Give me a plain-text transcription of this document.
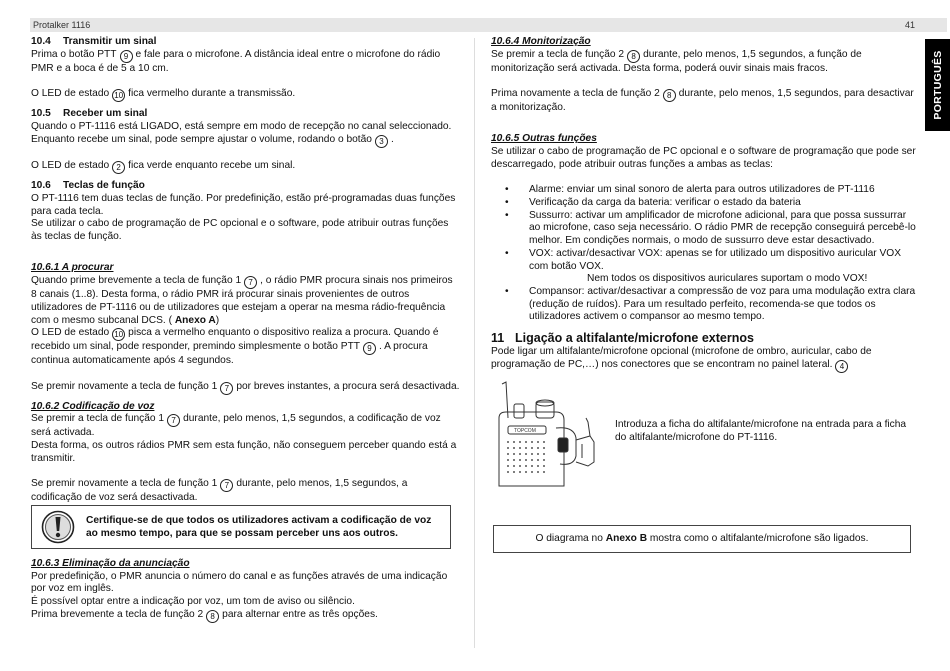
Protalker 1116	41
PORTUGUÊS

10.4 Transmitir um sinal

Prima o botão PTT 9 e fale para o microfone. A distância ideal entre o microfone do rádio PMR e a boca é de 5 a 10 cm.

O LED de estado 10 fica vermelho durante a transmissão.

10.5 Receber um sinal

Quando o PT-1116 está LIGADO, está sempre em modo de recepção no canal seleccionado. Enquanto recebe um sinal, pode sempre ajustar o volume, rodando o botão 3 .

O LED de estado 2 fica verde enquanto recebe um sinal.

10.6 Teclas de função

O PT-1116 tem duas teclas de função. Por predefinição, estão pré-programadas duas funções para cada tecla.

Se utilizar o cabo de programação de PC opcional e o software, pode atribuir outras funções às teclas de função.

10.6.1 A procurar

Quando prime brevemente a tecla de função 1 7 , o rádio PMR procura sinais nos primeiros 8 canais (1..8). Desta forma, o rádio PMR irá procurar sinais provenientes de outros utilizadores de PT-1116 ou de utilizadores que estejam a operar na mesma rádio-frequência com o mesmo subcanal DCS. ( Anexo A)

O LED de estado 10 pisca a vermelho enquanto o dispositivo realiza a procura. Quando é recebido um sinal, pode responder, premindo simplesmente o botão PTT 9 . A procura continua automaticamente após 4 segundos.

Se premir novamente a tecla de função 1 7 por breves instantes, a procura será desactivada.

10.6.2 Codificação de voz

Se premir a tecla de função 1 7 durante, pelo menos, 1,5 segundos, a codificação de voz será activada.

Desta forma, os outros rádios PMR sem esta função, não conseguem perceber quando está a transmitir.

Se premir novamente a tecla de função 1 7 durante, pelo menos, 1,5 segundos, a codificação de voz será desactivada.

Certifique-se de que todos os utilizadores activam a codificação de voz ao mesmo tempo, para que se possam perceber uns aos outros.

10.6.3 Eliminação da anunciação

Por predefinição, o PMR anuncia o número do canal e as funções através de uma indicação por voz em inglês.

É possível optar entre a indicação por voz, um tom de aviso ou silêncio.

Prima brevemente a tecla de função 2 8 para alternar entre as três opções.

10.6.4 Monitorização

Se premir a tecla de função 2 8 durante, pelo menos, 1,5 segundos, a função de monitorização será activada. Desta forma, poderá ouvir sinais mais fracos.

Prima novamente a tecla de função 2 8 durante, pelo menos, 1,5 segundos, para desactivar a monitorização.

10.6.5 Outras funções

Se utilizar o cabo de programação de PC opcional e o software de programação que pode ser descarregado, pode atribuir outras funções a ambas as teclas:

• Alarme: enviar um sinal sonoro de alerta para outros utilizadores de PT-1116
• Verificação da carga da bateria: verificar o estado da bateria
• Sussurro: activar um amplificador de microfone adicional, para que possa sussurrar ao microfone, caso seja necessário. O rádio PMR de recepção conseguirá percebê-lo melhor. Em condições normais, o modo de sussurro deve estar desactivado.
• VOX: activar/desactivar VOX: apenas se for utilizado um dispositivo auricular VOX com botão VOX.

Nem todos os dispositivos auriculares suportam o modo VOX!

• Compansor: activar/desactivar a compressão de voz para uma modulação extra clara (redução de ruídos). Para um resultado perfeito, recomenda-se que todos os utilizadores activem o compansor ao mesmo tempo.

11 Ligação a altifalante/microfone externos

Pode ligar um altifalante/microfone opcional (microfone de ombro, auricular, cabo de programação de PC,…) nos conectores que se encontram no painel lateral. 4

TOPCOM
Introduza a ficha do altifalante/microfone na entrada para a ficha do altifalante/microfone do PT-1116.
O diagrama no Anexo B mostra como o altifalante/microfone são ligados.
